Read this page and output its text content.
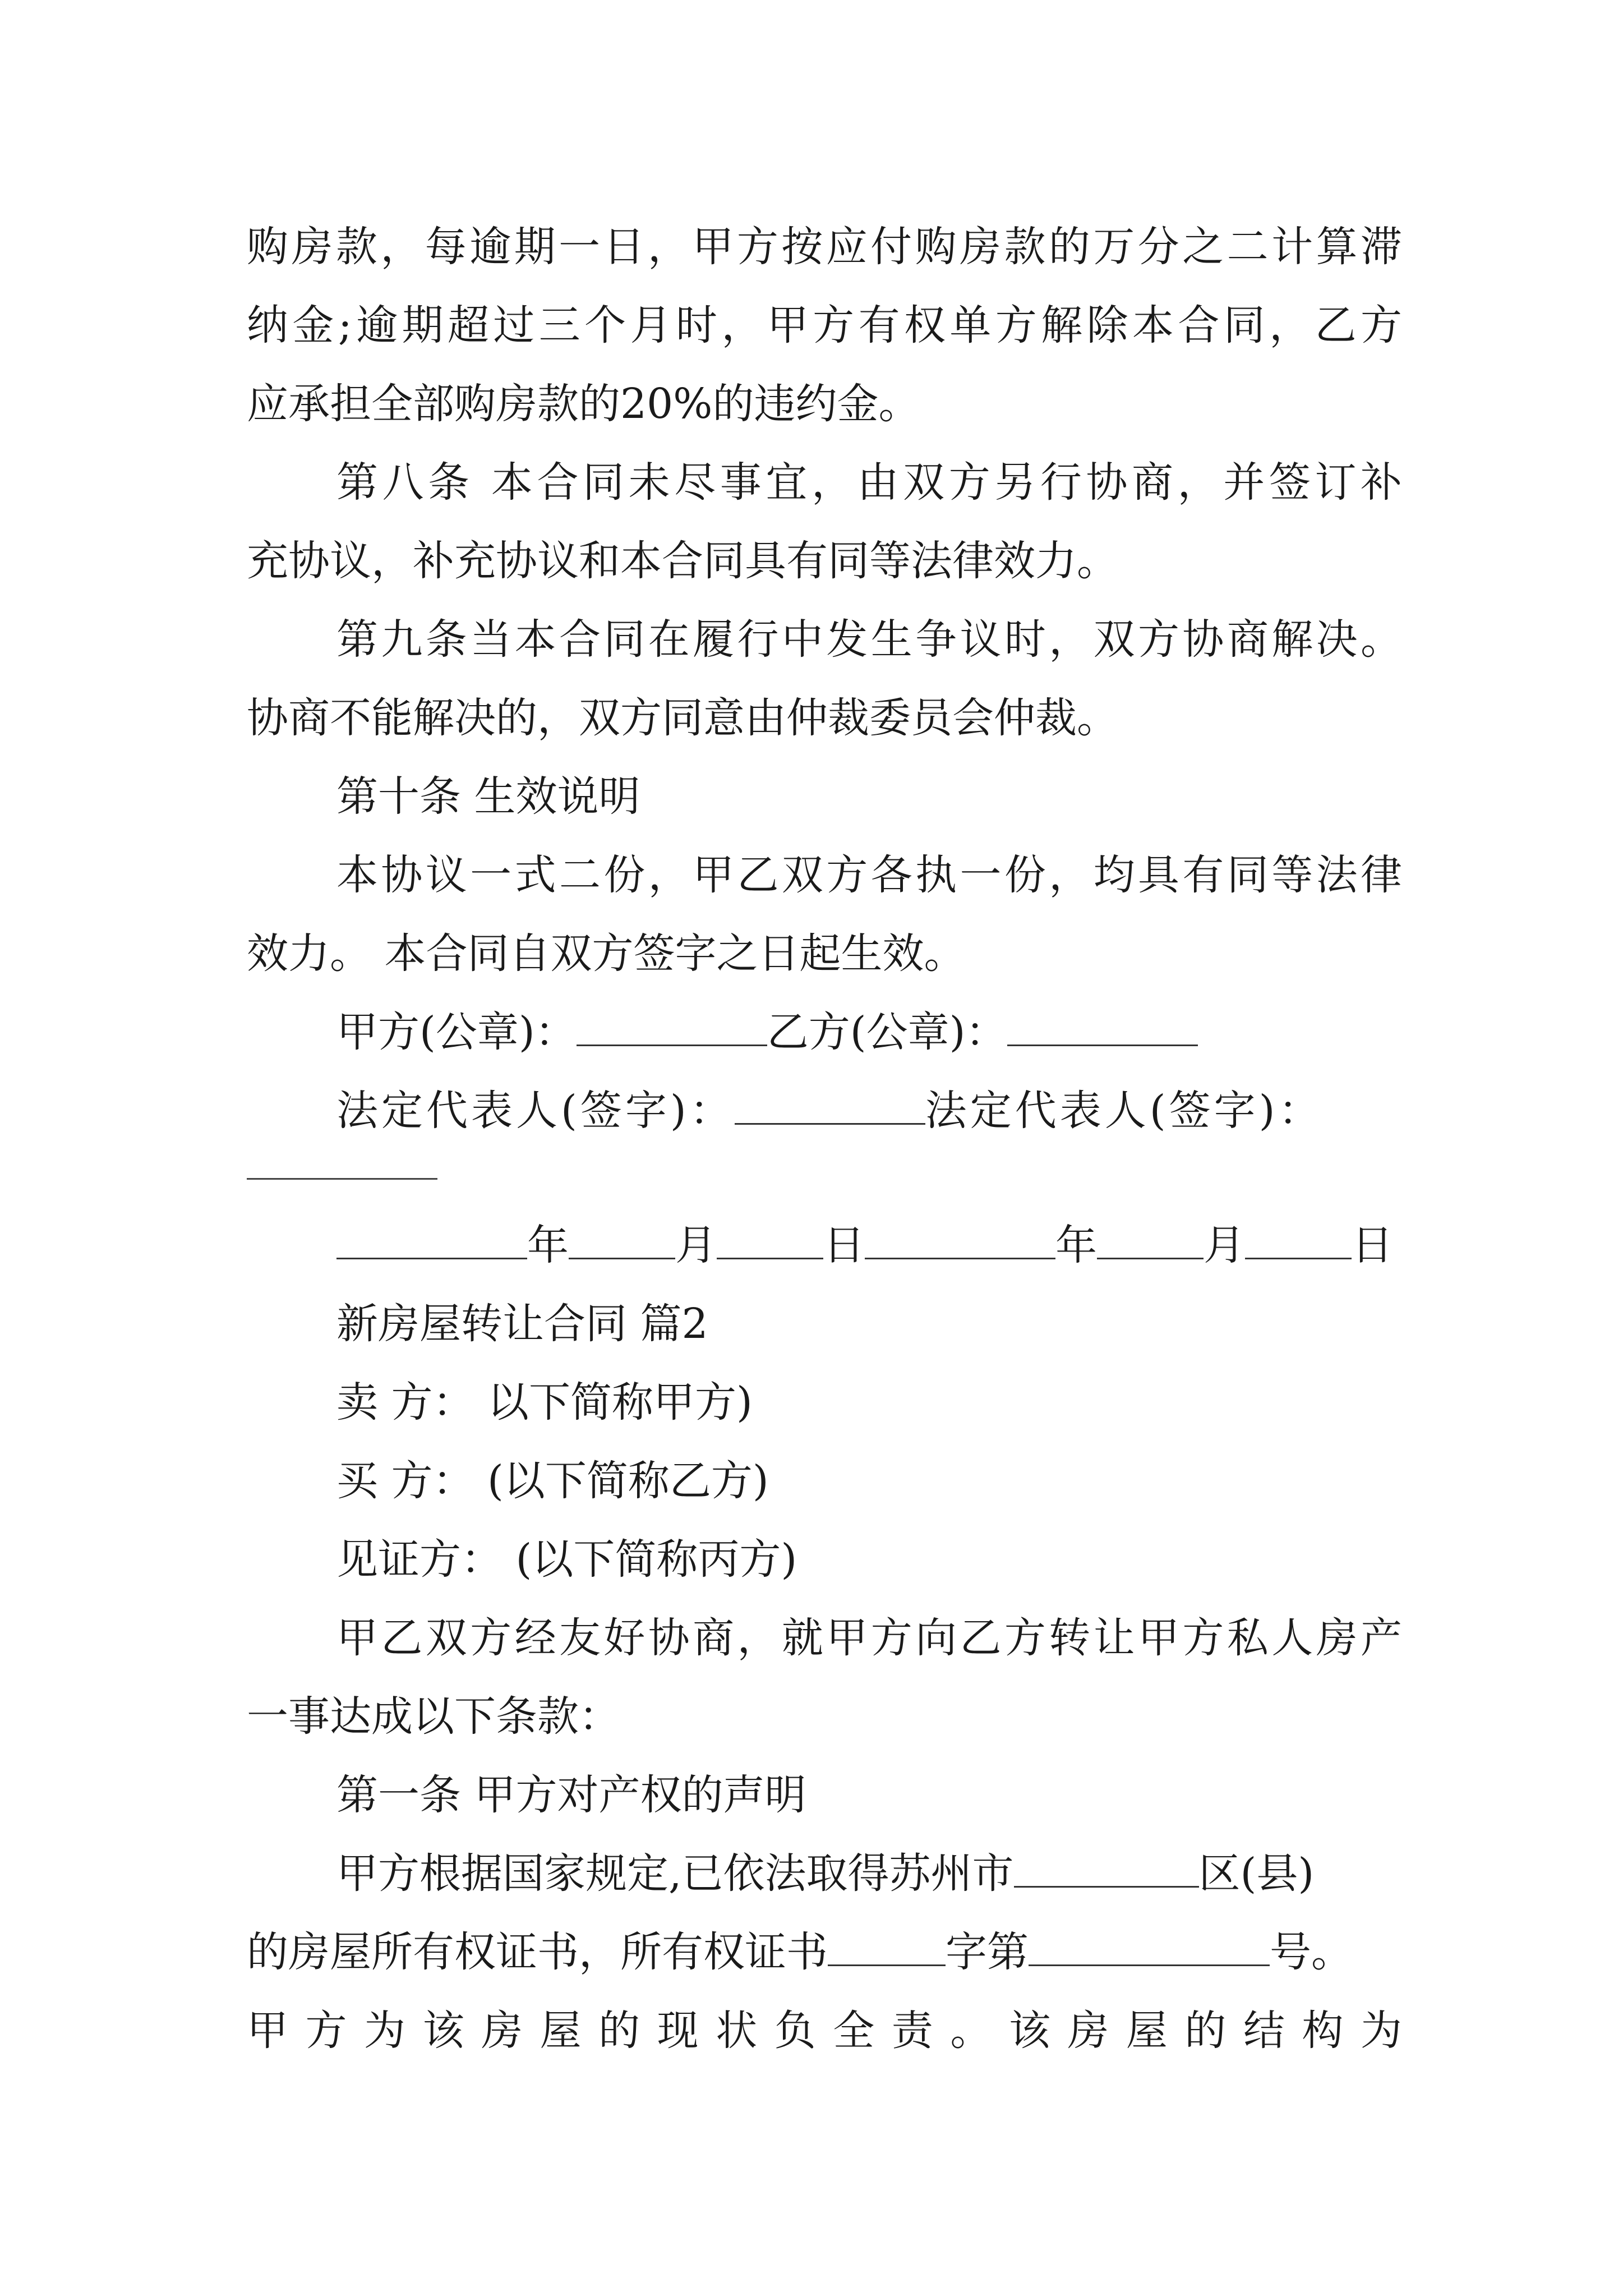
购房款，每逾期一日，甲方按应付购房款的万分之二计算滞
纳金;逾期超过三个月时，甲方有权单方解除本合同，乙方
应承担全部购房款的20%的违约金。
第八条 本合同未尽事宜，由双方另行协商，并签订补
充协议，补充协议和本合同具有同等法律效力。
第九条当本合同在履行中发生争议时，双方协商解决。
协商不能解决的，双方同意由仲裁委员会仲裁。
第十条 生效说明
本协议一式二份，甲乙双方各执一份，均具有同等法律
效力。 本合同自双方签字之日起生效。
甲方(公章)：	乙方(公章)：
法定代表人(签字)：	法定代表人(签字)：
年	月	日	年	月	日
新房屋转让合同 篇2
卖 方： 以下简称甲方)
买 方： (以下简称乙方)
见证方： (以下简称丙方)
甲乙双方经友好协商，就甲方向乙方转让甲方私人房产
一事达成以下条款：
第一条 甲方对产权的声明
甲方根据国家规定,已依法取得苏州市	区(县)
的房屋所有权证书，所有权证书	字第	号。
甲方为该房屋的现状负全责。该房屋的结构为
